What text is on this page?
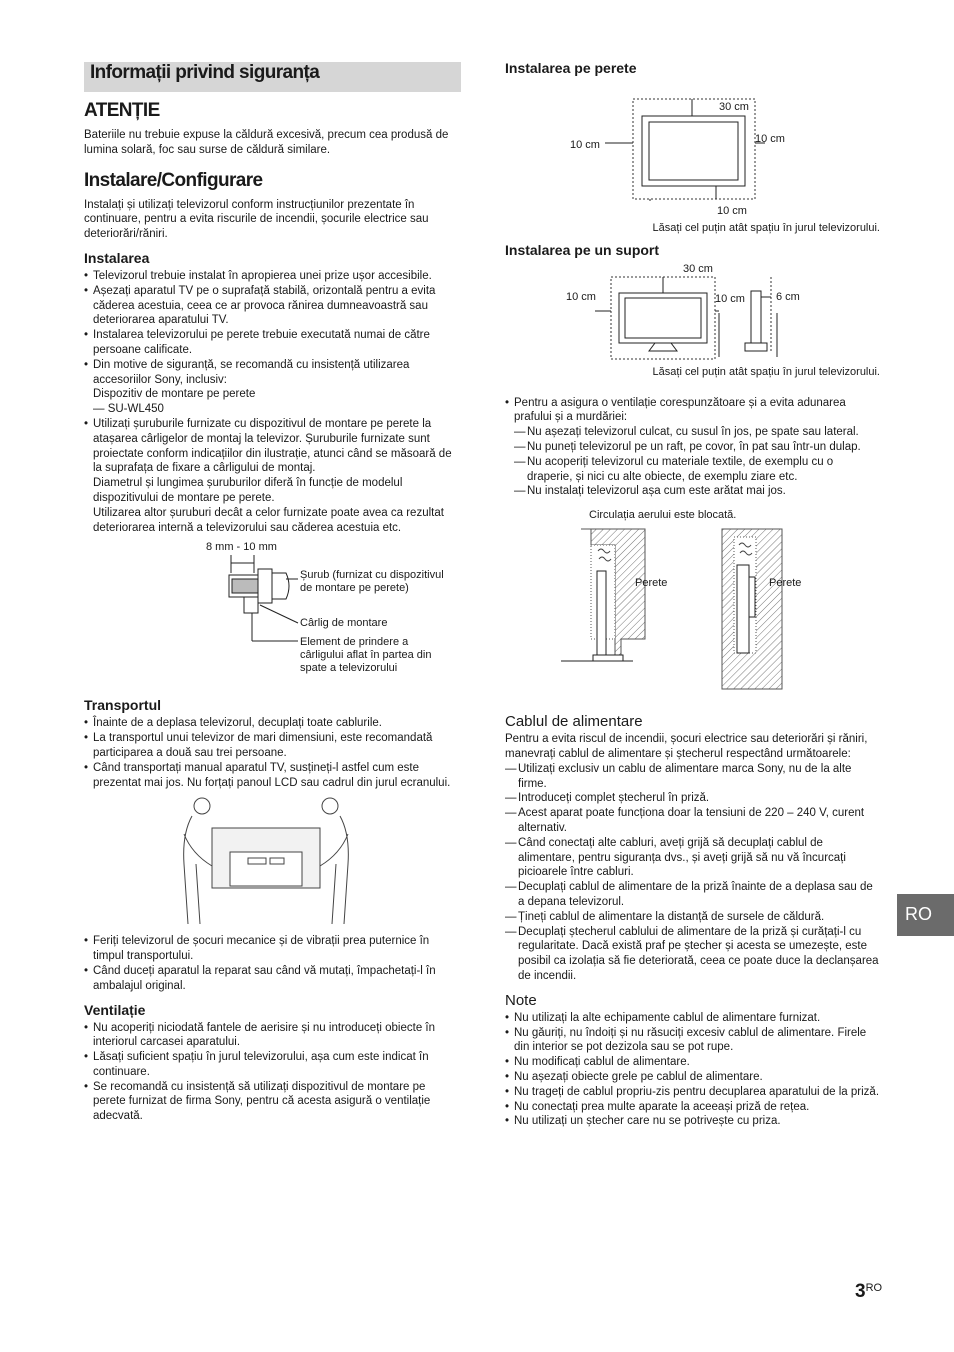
Informații privind siguranța
ATENȚIE

Bateriile nu trebuie expuse la căldură excesivă, precum cea produsă de lumina solară, foc sau surse de căldură similare.

Instalare/Configurare

Instalați și utilizați televizorul conform instrucțiunilor prezentate în continuare, pentru a evita riscurile de incendii, șocurile electrice sau deteriorări/răniri.

Instalarea
• Televizorul trebuie instalat în apropierea unei prize ușor accesibile.
• Așezați aparatul TV pe o suprafață stabilă, orizontală pentru a evita căderea acestuia, ceea ce ar provoca rănirea dumneavoastră sau deteriorarea aparatului TV.
• Instalarea televizorului pe perete trebuie executată numai de către persoane calificate.
• Din motive de siguranță, se recomandă cu insistență utilizarea accesoriilor Sony, inclusiv:
Dispozitiv de montare pe perete
— SU-WL450
• Utilizați șuruburile furnizate cu dispozitivul de montare pe perete la atașarea cârligelor de montaj la televizor. Șuruburile furnizate sunt proiectate conform indicațiilor din ilustrație, atunci când se măsoară de la suprafața de fixare a cârligului de montaj.
Diametrul și lungimea șuruburilor diferă în funcție de modelul dispozitivului de montare pe perete.
Utilizarea altor șuruburi decât a celor furnizate poate avea ca rezultat deteriorarea internă a televizorului sau căderea acestuia etc.
8 mm - 10 mm
Șurub (furnizat cu dispozitivul de montare pe perete)
Cârlig de montare
Element de prindere a cârligului aflat în partea din spate a televizorului
Transportul
• Înainte de a deplasa televizorul, decuplați toate cablurile.
• La transportul unui televizor de mari dimensiuni, este recomandată participarea a două sau trei persoane.
• Când transportați manual aparatul TV, susțineți-l astfel cum este prezentat mai jos. Nu forțați panoul LCD sau cadrul din jurul ecranului.
• Feriți televizorul de șocuri mecanice și de vibrații prea puternice în timpul transportului.
• Când duceți aparatul la reparat sau când vă mutați, împachetați-l în ambalajul original.
Ventilație
• Nu acoperiți niciodată fantele de aerisire și nu introduceți obiecte în interiorul carcasei aparatului.
• Lăsați suficient spațiu în jurul televizorului, așa cum este indicat în continuare.
• Se recomandă cu insistență să utilizați dispozitivul de montare pe perete furnizat de firma Sony, pentru că acesta asigură o ventilație adecvată.
Instalarea pe perete
30 cm
10 cm	10 cm
10 cm

Lăsați cel puțin atât spațiu în jurul televizorului.

Instalarea pe un suport
30 cm
10 cm	10 cm	6 cm

Lăsați cel puțin atât spațiu în jurul televizorului.

• Pentru a asigura o ventilație corespunzătoare și a evita adunarea prafului și a murdăriei:
— Nu așezați televizorul culcat, cu susul în jos, pe spate sau lateral.
— Nu puneți televizorul pe un raft, pe covor, în pat sau într-un dulap.
— Nu acoperiți televizorul cu materiale textile, de exemplu cu o draperie, și nici cu alte obiecte, de exemplu ziare etc.
— Nu instalați televizorul așa cum este arătat mai jos.
Circulația aerului este blocată.
Perete	Perete
Cablul de alimentare

Pentru a evita riscul de incendii, șocuri electrice sau deteriorări și răniri, manevrați cablul de alimentare și ștecherul respectând următoarele:

— Utilizați exclusiv un cablu de alimentare marca Sony, nu de la alte firme.
— Introduceți complet ștecherul în priză.
— Acest aparat poate funcționa doar la tensiuni de 220 – 240 V, curent alternativ.
— Când conectați alte cabluri, aveți grijă să decuplați cablul de alimentare, pentru siguranța dvs., și aveți grijă să nu vă încurcați picioarele între cabluri.
— Decuplați cablul de alimentare de la priză înainte de a deplasa sau de a depana televizorul.
— Țineți cablul de alimentare la distanță de sursele de căldură.
— Decuplați ștecherul cablului de alimentare de la priză și curățați-l cu regularitate. Dacă există praf pe ștecher și acesta se umezește, este posibil ca izolația să fie deteriorată, ceea ce poate duce la declanșarea de incendii.
Note
• Nu utilizați la alte echipamente cablul de alimentare furnizat.
• Nu găuriți, nu îndoiți și nu răsuciți excesiv cablul de alimentare. Firele din interior se pot dezizola sau se pot rupe.
• Nu modificați cablul de alimentare.
• Nu așezați obiecte grele pe cablul de alimentare.
• Nu trageți de cablul propriu-zis pentru decuplarea aparatului de la priză.
• Nu conectați prea multe aparate la aceeași priză de rețea.
• Nu utilizați un ștecher care nu se potrivește cu priza.
RO
$3^{RO}$
